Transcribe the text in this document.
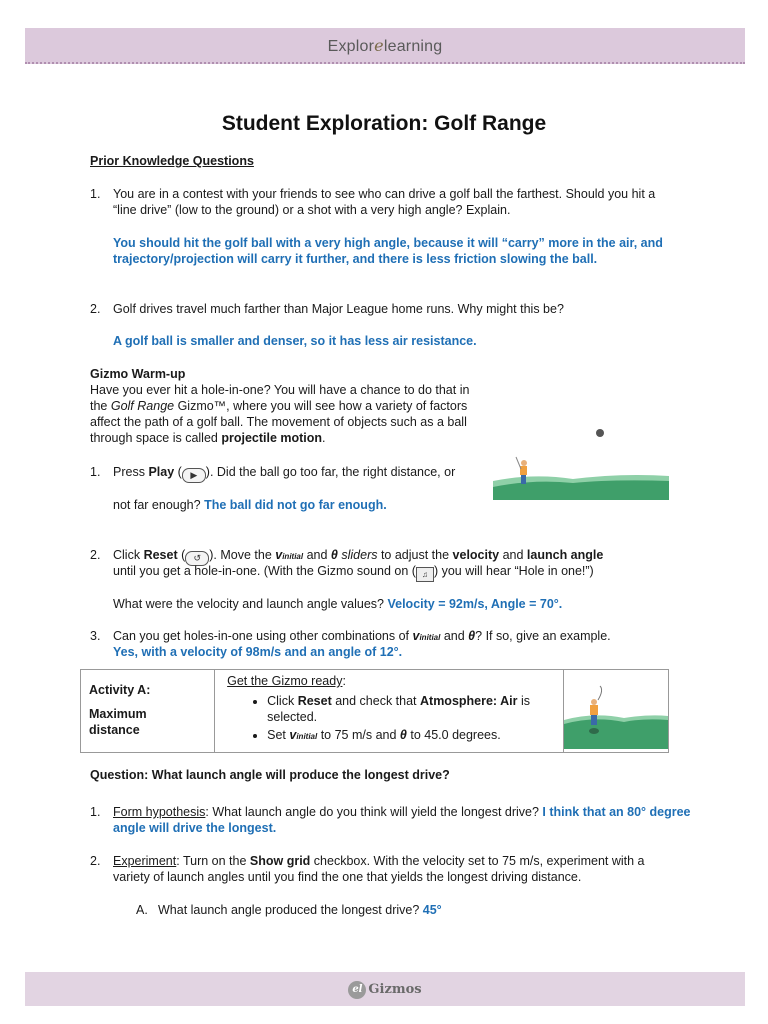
Explorelearning
Student Exploration: Golf Range
Prior Knowledge Questions
1. You are in a contest with your friends to see who can drive a golf ball the farthest. Should you hit a “line drive” (low to the ground) or a shot with a very high angle? Explain.
You should hit the golf ball with a very high angle, because it will “carry” more in the air, and trajectory/projection will carry it further, and there is less friction slowing the ball.
2. Golf drives travel much farther than Major League home runs. Why might this be?
A golf ball is smaller and denser, so it has less air resistance.
Gizmo Warm-up
Have you ever hit a hole-in-one? You will have a chance to do that in the Golf Range Gizmo™, where you will see how a variety of factors affect the path of a golf ball. The movement of objects such as a ball through space is called projectile motion.
1. Press Play ( ▶ ). Did the ball go too far, the right distance, or
not far enough? The ball did not go far enough.
2. Click Reset ( ↺ ). Move the vinitial and θ sliders to adjust the velocity and launch angle
until you get a hole-in-one. (With the Gizmo sound on ( ♫ ) you will hear “Hole in one!”)
What were the velocity and launch angle values? Velocity = 92m/s, Angle = 70°.
3. Can you get holes-in-one using other combinations of vinitial and θ? If so, give an example.
Yes, with a velocity of 98m/s and an angle of 12°.
Activity A:
Maximum
distance

Get the Gizmo ready:
• Click Reset and check that Atmosphere: Air is selected.
• Set vinitial to 75 m/s and θ to 45.0 degrees.

Question: What launch angle will produce the longest drive?
1. Form hypothesis: What launch angle do you think will yield the longest drive? I think that an 80° degree angle will drive the longest.
2. Experiment: Turn on the Show grid checkbox. With the velocity set to 75 m/s, experiment with a variety of launch angles until you find the one that yields the longest driving distance.
A. What launch angle produced the longest drive? 45°
el Gizmos
